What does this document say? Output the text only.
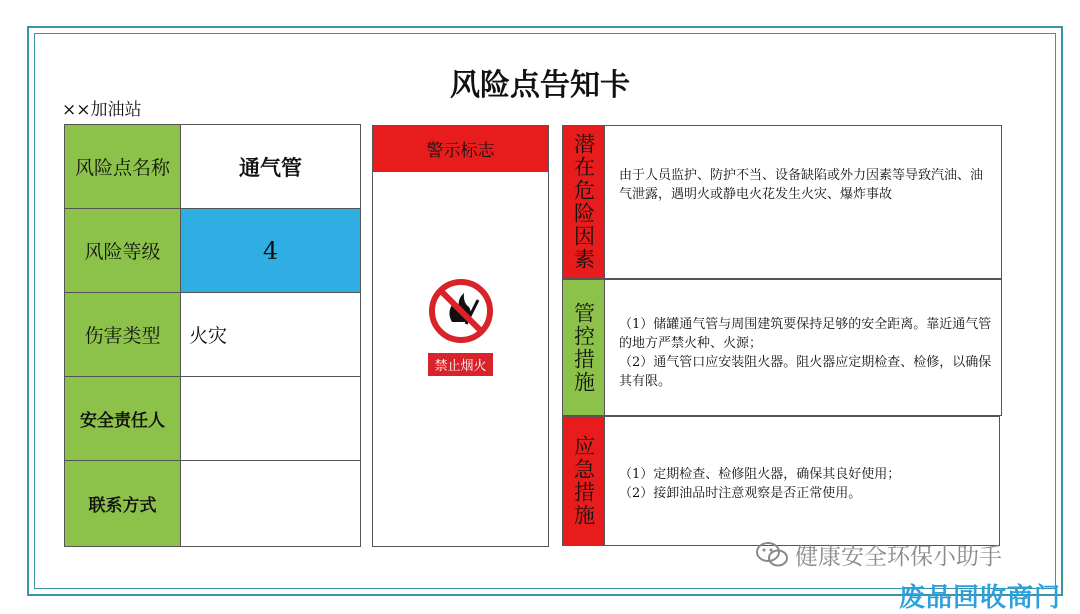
风险点告知卡
××加油站
风险点名称	通气管
风险等级	4
伤害类型	火灾
安全责任人
联系方式
警示标志
禁止烟火
潜在危险因素 由于人员监护、防护不当、设备缺陷或外力因素等导致汽油、油气泄露，遇明火或静电火花发生火灾、爆炸事故

管控措施 （1）储罐通气管与周围建筑要保持足够的安全距离。靠近通气管的地方严禁火种、火源；

（2）通气管口应安装阻火器。阻火器应定期检查、检修，以确保其有限。

应急措施 （1）定期检查、检修阻火器，确保其良好使用；

（2）接卸油品时注意观察是否正常使用。

健康安全环保小助手
废品回收商门
